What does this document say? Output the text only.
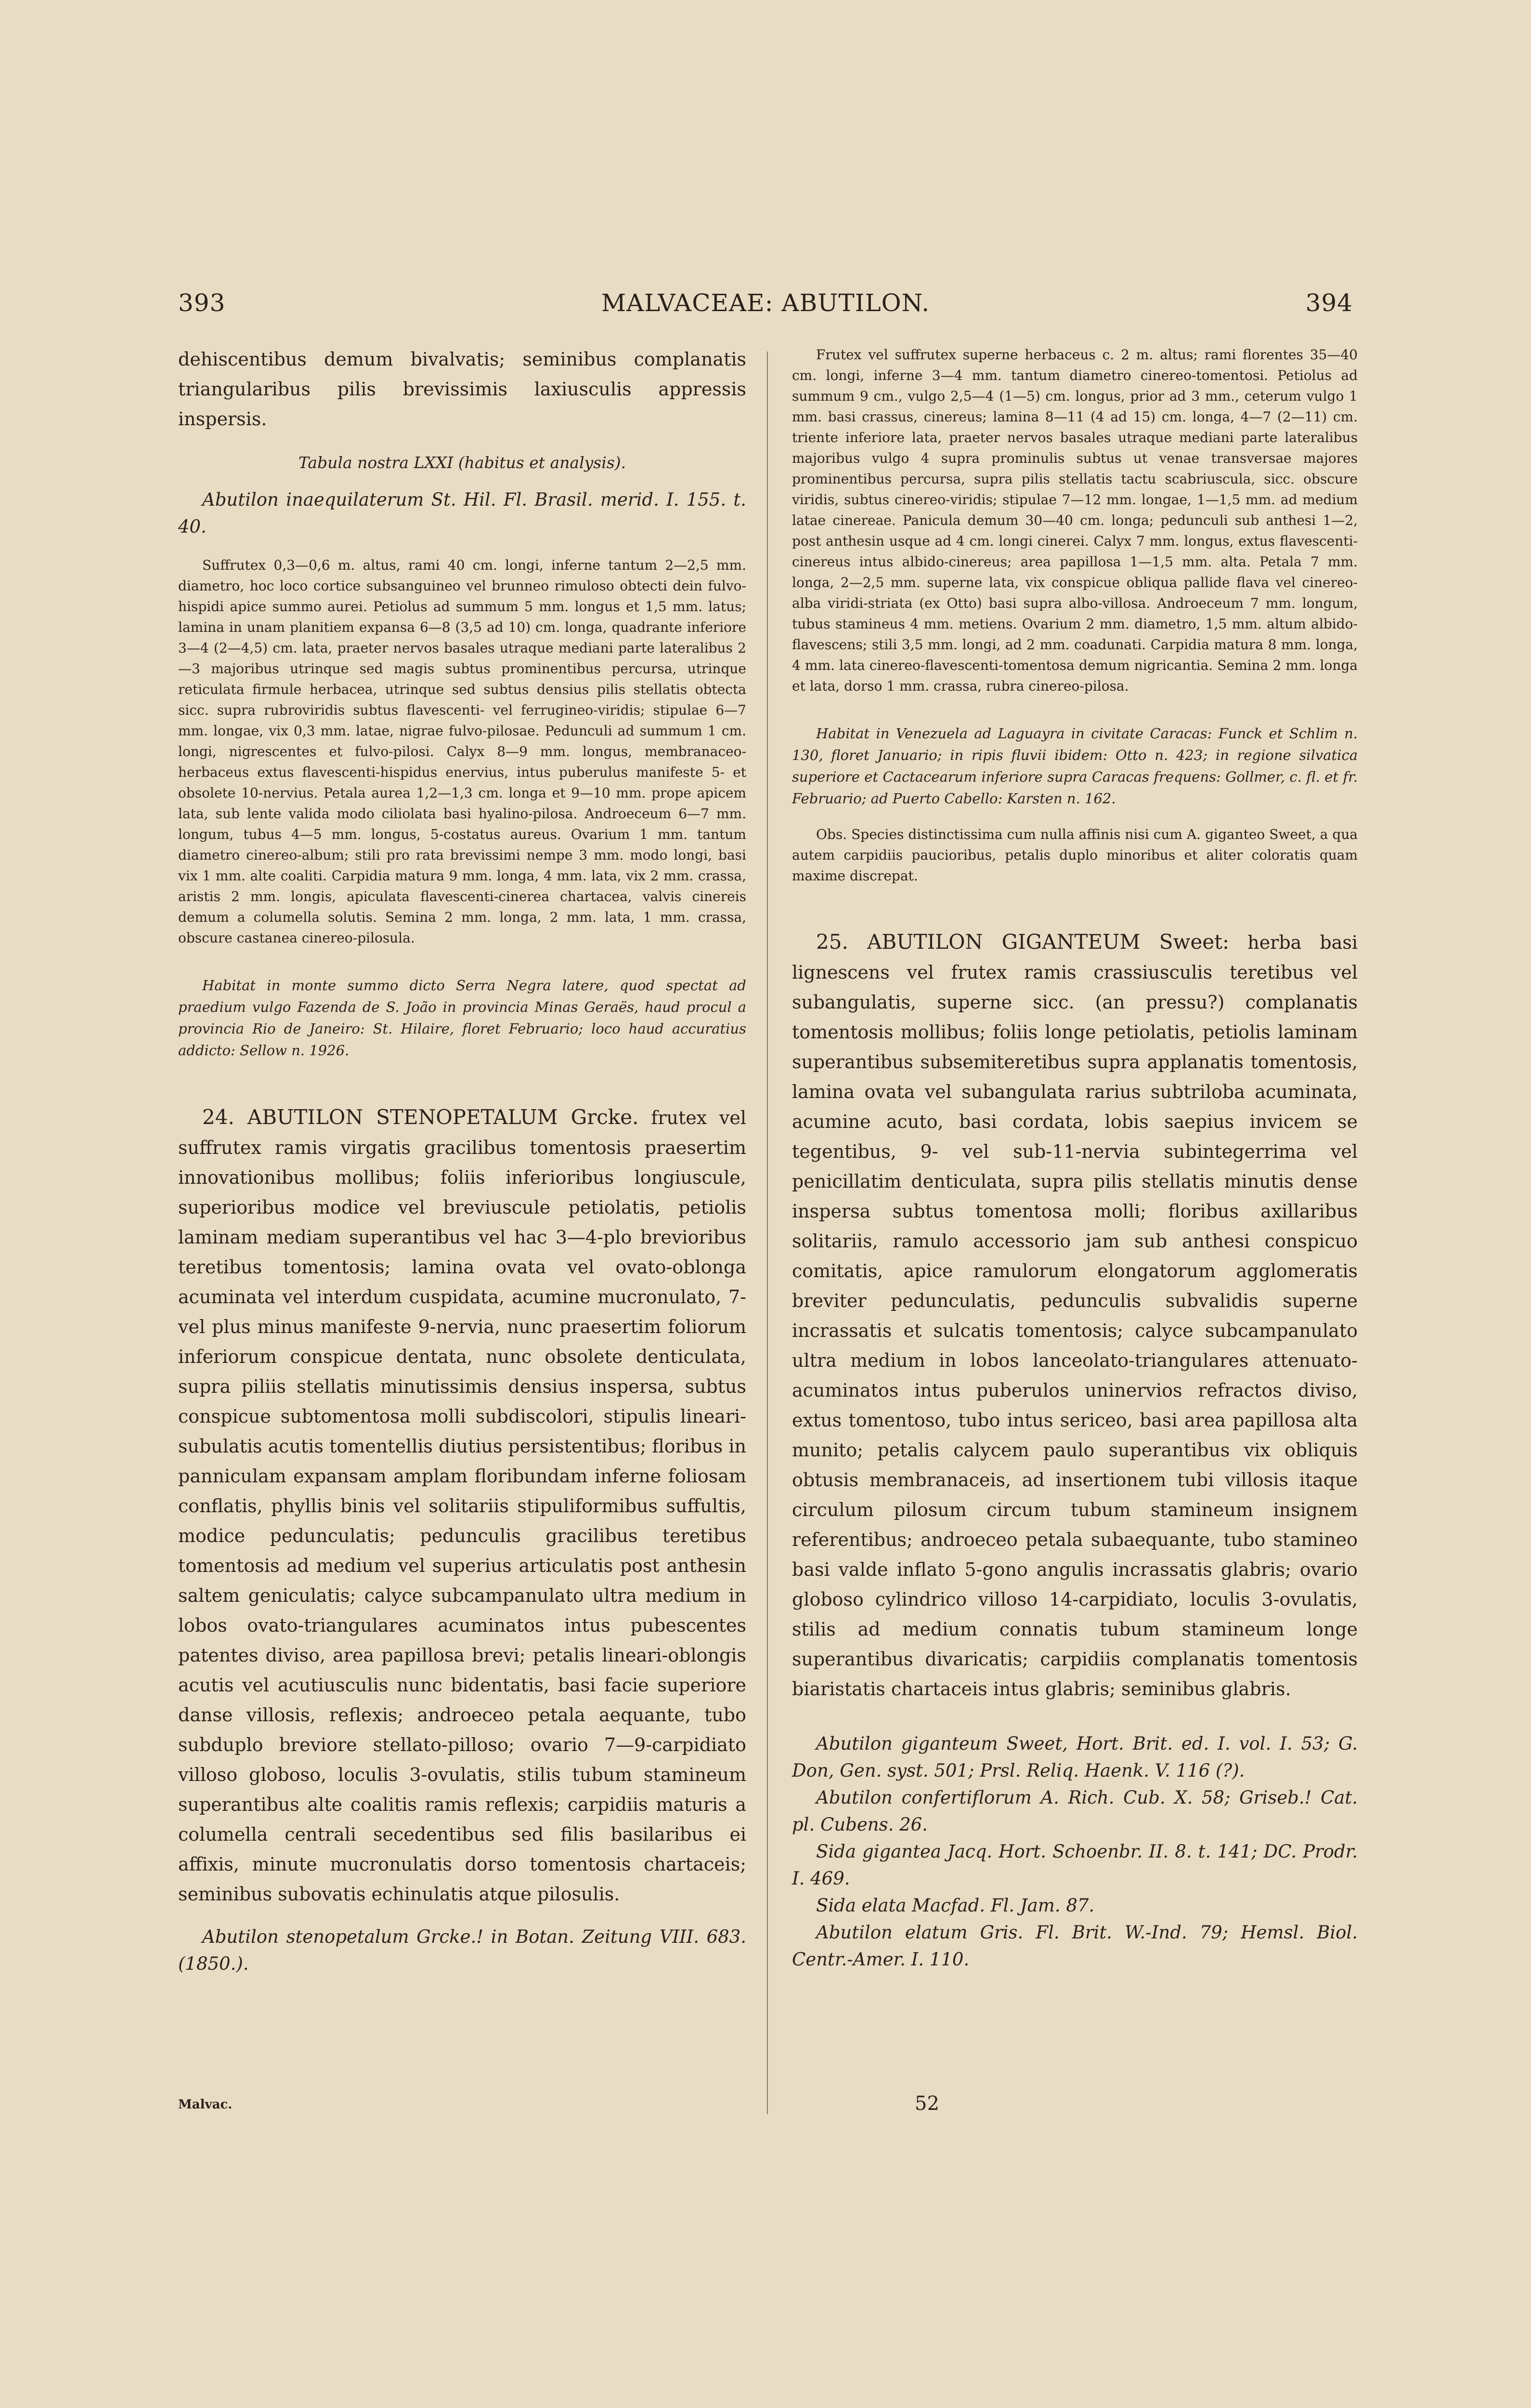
393	MALVACEAE: ABUTILON.	394

dehiscentibus demum bivalvatis; seminibus complanatis triangularibus pilis brevissimis laxiusculis appressis inspersis.

Tabula nostra LXXI (habitus et analysis).

Abutilon inaequilaterum St. Hil. Fl. Brasil. merid. I. 155. t. 40.

Suffrutex 0,3—0,6 m. altus, rami 40 cm. longi, inferne tantum 2—2,5 mm. diametro, hoc loco cortice subsanguineo vel brunneo rimuloso obtecti dein fulvo-hispidi apice summo aurei. Petiolus ad summum 5 mm. longus et 1,5 mm. latus; lamina in unam planitiem expansa 6—8 (3,5 ad 10) cm. longa, quadrante inferiore 3—4 (2—4,5) cm. lata, praeter nervos basales utraque mediani parte lateralibus 2—3 majoribus utrinque sed magis subtus prominentibus percursa, utrinque reticulata firmule herbacea, utrinque sed subtus densius pilis stellatis obtecta sicc. supra rubroviridis subtus flavescenti- vel ferrugineo-viridis; stipulae 6—7 mm. longae, vix 0,3 mm. latae, nigrae fulvo-pilosae. Pedunculi ad summum 1 cm. longi, nigrescentes et fulvo-pilosi. Calyx 8—9 mm. longus, membranaceo-herbaceus extus flavescenti-hispidus enervius, intus puberulus manifeste 5- et obsolete 10-nervius. Petala aurea 1,2—1,3 cm. longa et 9—10 mm. prope apicem lata, sub lente valida modo ciliolata basi hyalino-pilosa. Androeceum 6—7 mm. longum, tubus 4—5 mm. longus, 5-costatus aureus. Ovarium 1 mm. tantum diametro cinereo-album; stili pro rata brevissimi nempe 3 mm. modo longi, basi vix 1 mm. alte coaliti. Carpidia matura 9 mm. longa, 4 mm. lata, vix 2 mm. crassa, aristis 2 mm. longis, apiculata flavescenti-cinerea chartacea, valvis cinereis demum a columella solutis. Semina 2 mm. longa, 2 mm. lata, 1 mm. crassa, obscure castanea cinereo-pilosula.

Habitat in monte summo dicto Serra Negra latere, quod spectat ad praedium vulgo Fazenda de S. João in provincia Minas Geraës, haud procul a provincia Rio de Janeiro: St. Hilaire, floret Februario; loco haud accuratius addicto: Sellow n. 1926.

24. ABUTILON STENOPETALUM Grcke. frutex vel suffrutex ramis virgatis gracilibus tomentosis praesertim innovationibus mollibus; foliis inferioribus longiuscule, superioribus modice vel breviuscule petiolatis, petiolis laminam mediam superantibus vel hac 3—4-plo brevioribus teretibus tomentosis; lamina ovata vel ovato-oblonga acuminata vel interdum cuspidata, acumine mucronulato, 7- vel plus minus manifeste 9-nervia, nunc praesertim foliorum inferiorum conspicue dentata, nunc obsolete denticulata, supra piliis stellatis minutissimis densius inspersa, subtus conspicue subtomentosa molli subdiscolori, stipulis lineari-subulatis acutis tomentellis diutius persistentibus; floribus in panniculam expansam amplam floribundam inferne foliosam conflatis, phyllis binis vel solitariis stipuliformibus suffultis, modice pedunculatis; pedunculis gracilibus teretibus tomentosis ad medium vel superius articulatis post anthesin saltem geniculatis; calyce subcampanulato ultra medium in lobos ovato-triangulares acuminatos intus pubescentes patentes diviso, area papillosa brevi; petalis lineari-oblongis acutis vel acutiusculis nunc bidentatis, basi facie superiore danse villosis, reflexis; androeceo petala aequante, tubo subduplo breviore stellato-pilloso; ovario 7—9-carpidiato villoso globoso, loculis 3-ovulatis, stilis tubum stamineum superantibus alte coalitis ramis reflexis; carpidiis maturis a columella centrali secedentibus sed filis basilaribus ei affixis, minute mucronulatis dorso tomentosis chartaceis; seminibus subovatis echinulatis atque pilosulis.

Abutilon stenopetalum Grcke.! in Botan. Zeitung VIII. 683. (1850.).

Frutex vel suffrutex superne herbaceus c. 2 m. altus; rami florentes 35—40 cm. longi, inferne 3—4 mm. tantum diametro cinereo-tomentosi. Petiolus ad summum 9 cm., vulgo 2,5—4 (1—5) cm. longus, prior ad 3 mm., ceterum vulgo 1 mm. basi crassus, cinereus; lamina 8—11 (4 ad 15) cm. longa, 4—7 (2—11) cm. triente inferiore lata, praeter nervos basales utraque mediani parte lateralibus majoribus vulgo 4 supra prominulis subtus ut venae transversae majores prominentibus percursa, supra pilis stellatis tactu scabriuscula, sicc. obscure viridis, subtus cinereo-viridis; stipulae 7—12 mm. longae, 1—1,5 mm. ad medium latae cinereae. Panicula demum 30—40 cm. longa; pedunculi sub anthesi 1—2, post anthesin usque ad 4 cm. longi cinerei. Calyx 7 mm. longus, extus flavescenti-cinereus intus albido-cinereus; area papillosa 1—1,5 mm. alta. Petala 7 mm. longa, 2—2,5 mm. superne lata, vix conspicue obliqua pallide flava vel cinereo-alba viridi-striata (ex Otto) basi supra albo-villosa. Androeceum 7 mm. longum, tubus stamineus 4 mm. metiens. Ovarium 2 mm. diametro, 1,5 mm. altum albido-flavescens; stili 3,5 mm. longi, ad 2 mm. coadunati. Carpidia matura 8 mm. longa, 4 mm. lata cinereo-flavescenti-tomentosa demum nigricantia. Semina 2 mm. longa et lata, dorso 1 mm. crassa, rubra cinereo-pilosa.

Habitat in Venezuela ad Laguayra in civitate Caracas: Funck et Schlim n. 130, floret Januario; in ripis fluvii ibidem: Otto n. 423; in regione silvatica superiore et Cactacearum inferiore supra Caracas frequens: Gollmer, c. fl. et fr. Februario; ad Puerto Cabello: Karsten n. 162.

Obs. Species distinctissima cum nulla affinis nisi cum A. giganteo Sweet, a qua autem carpidiis paucioribus, petalis duplo minoribus et aliter coloratis quam maxime discrepat.

25. ABUTILON GIGANTEUM Sweet: herba basi lignescens vel frutex ramis crassiusculis teretibus vel subangulatis, superne sicc. (an pressu?) complanatis tomentosis mollibus; foliis longe petiolatis, petiolis laminam superantibus subsemiteretibus supra applanatis tomentosis, lamina ovata vel subangulata rarius subtriloba acuminata, acumine acuto, basi cordata, lobis saepius invicem se tegentibus, 9- vel sub-11-nervia subintegerrima vel penicillatim denticulata, supra pilis stellatis minutis dense inspersa subtus tomentosa molli; floribus axillaribus solitariis, ramulo accessorio jam sub anthesi conspicuo comitatis, apice ramulorum elongatorum agglomeratis breviter pedunculatis, pedunculis subvalidis superne incrassatis et sulcatis tomentosis; calyce subcampanulato ultra medium in lobos lanceolato-triangulares attenuato-acuminatos intus puberulos uninervios refractos diviso, extus tomentoso, tubo intus sericeo, basi area papillosa alta munito; petalis calycem paulo superantibus vix obliquis obtusis membranaceis, ad insertionem tubi villosis itaque circulum pilosum circum tubum stamineum insignem referentibus; androeceo petala subaequante, tubo stamineo basi valde inflato 5-gono angulis incrassatis glabris; ovario globoso cylindrico villoso 14-carpidiato, loculis 3-ovulatis, stilis ad medium connatis tubum stamineum longe superantibus divaricatis; carpidiis complanatis tomentosis biaristatis chartaceis intus glabris; seminibus glabris.

Abutilon giganteum Sweet, Hort. Brit. ed. I. vol. I. 53; G. Don, Gen. syst. 501; Prsl. Reliq. Haenk. V. 116 (?).

Abutilon confertiflorum A. Rich. Cub. X. 58; Griseb.! Cat. pl. Cubens. 26.

Sida gigantea Jacq. Hort. Schoenbr. II. 8. t. 141; DC. Prodr. I. 469.

Sida elata Macfad. Fl. Jam. 87.

Abutilon elatum Gris. Fl. Brit. W.-Ind. 79; Hemsl. Biol. Centr.-Amer. I. 110.

Malvac.	52
